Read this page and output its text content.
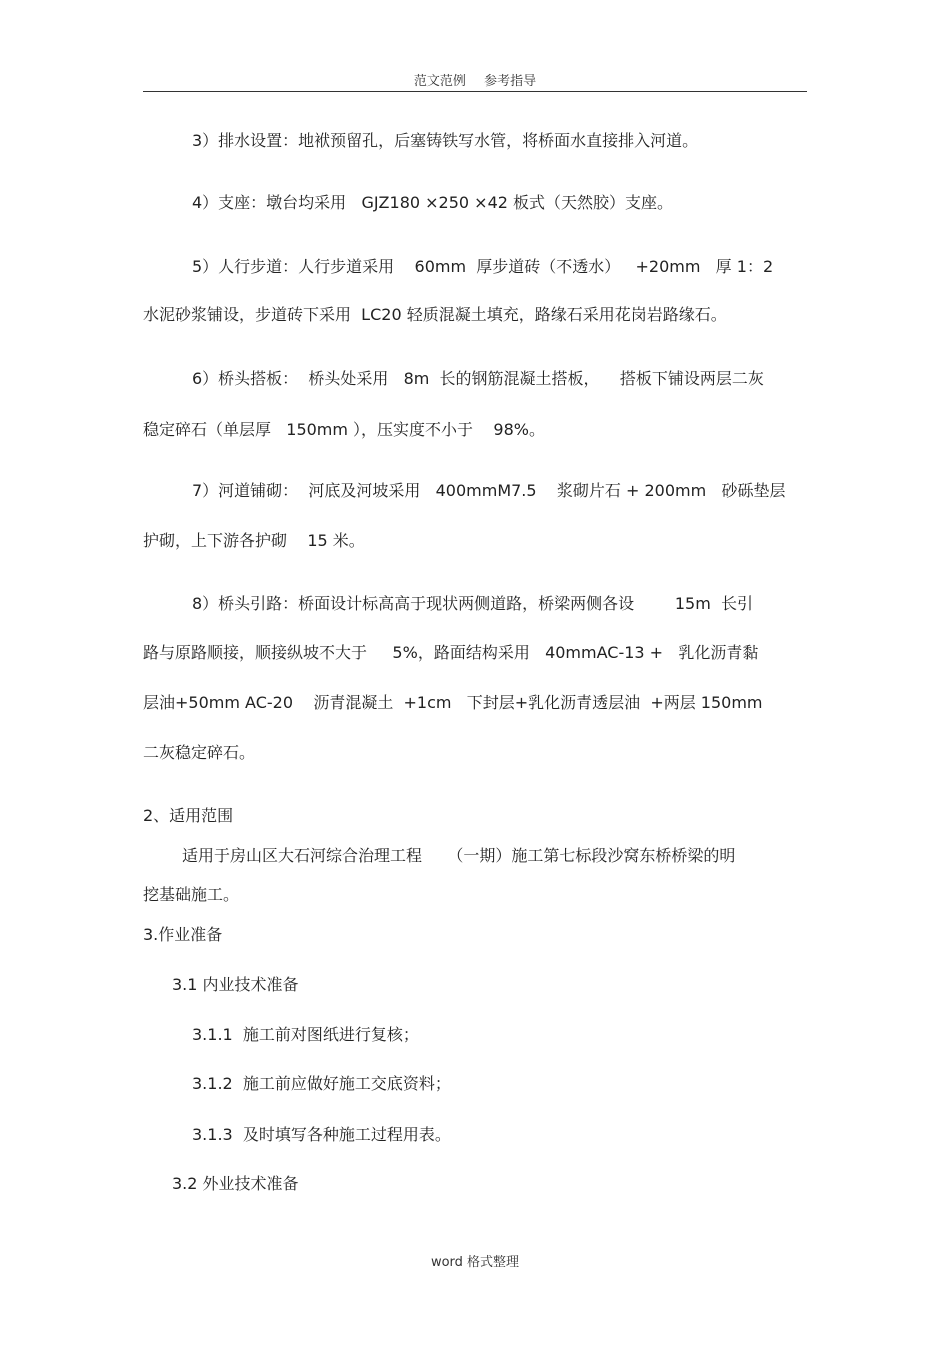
范文范例 参考指导
3）排水设置：地袱预留孔，后塞铸铁写水管，将桥面水直接排入河道。
4）支座：墩台均采用   GJZ180 ×250 ×42 板式（天然胶）支座。
5）人行步道：人行步道采用    60mm  厚步道砖（不透水）   +20mm   厚 1：2
水泥砂浆铺设，步道砖下采用  LC20 轻质混凝土填充，路缘石采用花岗岩路缘石。
6）桥头搭板：  桥头处采用   8m  长的钢筋混凝土搭板，    搭板下铺设两层二灰
稳定碎石（单层厚   150mm ），压实度不小于    98%。
7）河道铺砌：  河底及河坡采用   400mmM7.5    浆砌片石 + 200mm   砂砾垫层
护砌，上下游各护砌    15 米。
8）桥头引路：桥面设计标高高于现状两侧道路，桥梁两侧各设        15m  长引
路与原路顺接，顺接纵坡不大于     5%，路面结构采用   40mmAC-13 +   乳化沥青黏
层油+50mm AC-20    沥青混凝土  +1cm   下封层+乳化沥青透层油  +两层 150mm
二灰稳定碎石。
2、适用范围
适用于房山区大石河综合治理工程     （一期）施工第七标段沙窝东桥桥梁的明
挖基础施工。
3.作业准备
3.1 内业技术准备
3.1.1  施工前对图纸进行复核；
3.1.2  施工前应做好施工交底资料；
3.1.3  及时填写各种施工过程用表。
3.2 外业技术准备
word 格式整理
